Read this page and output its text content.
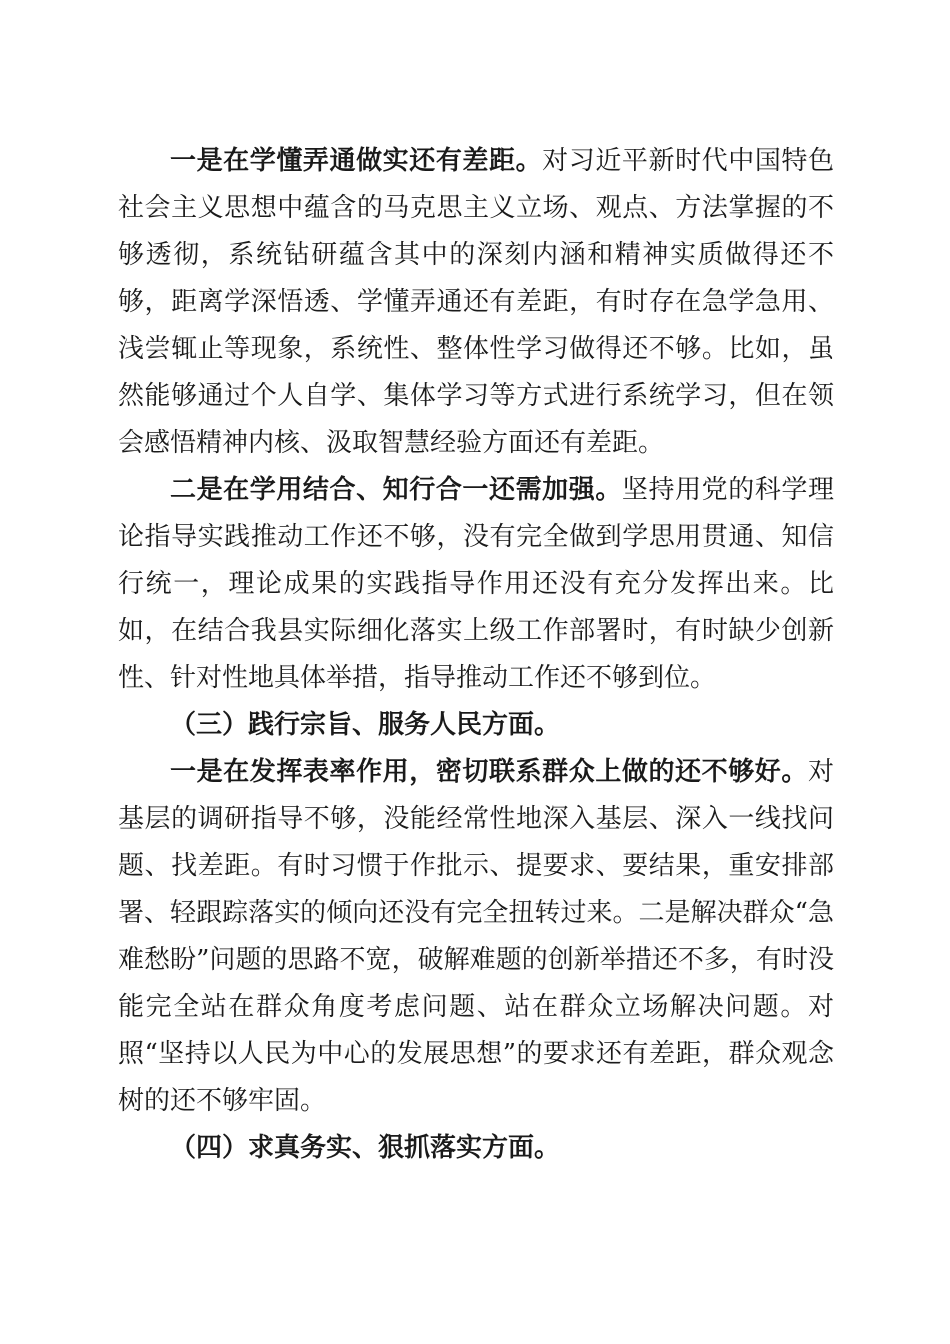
一是在学懂弄通做实还有差距。对习近平新时代中国特色社会主义思想中蕴含的马克思主义立场、观点、方法掌握的不够透彻，系统钻研蕴含其中的深刻内涵和精神实质做得还不够，距离学深悟透、学懂弄通还有差距，有时存在急学急用、浅尝辄止等现象，系统性、整体性学习做得还不够。比如，虽然能够通过个人自学、集体学习等方式进行系统学习，但在领会感悟精神内核、汲取智慧经验方面还有差距。

二是在学用结合、知行合一还需加强。坚持用党的科学理论指导实践推动工作还不够，没有完全做到学思用贯通、知信行统一，理论成果的实践指导作用还没有充分发挥出来。比如，在结合我县实际细化落实上级工作部署时，有时缺少创新性、针对性地具体举措，指导推动工作还不够到位。

（三）践行宗旨、服务人民方面。

一是在发挥表率作用，密切联系群众上做的还不够好。对基层的调研指导不够，没能经常性地深入基层、深入一线找问题、找差距。有时习惯于作批示、提要求、要结果，重安排部署、轻跟踪落实的倾向还没有完全扭转过来。二是解决群众“急难愁盼”问题的思路不宽，破解难题的创新举措还不多，有时没能完全站在群众角度考虑问题、站在群众立场解决问题。对照“坚持以人民为中心的发展思想”的要求还有差距，群众观念树的还不够牢固。

（四）求真务实、狠抓落实方面。
